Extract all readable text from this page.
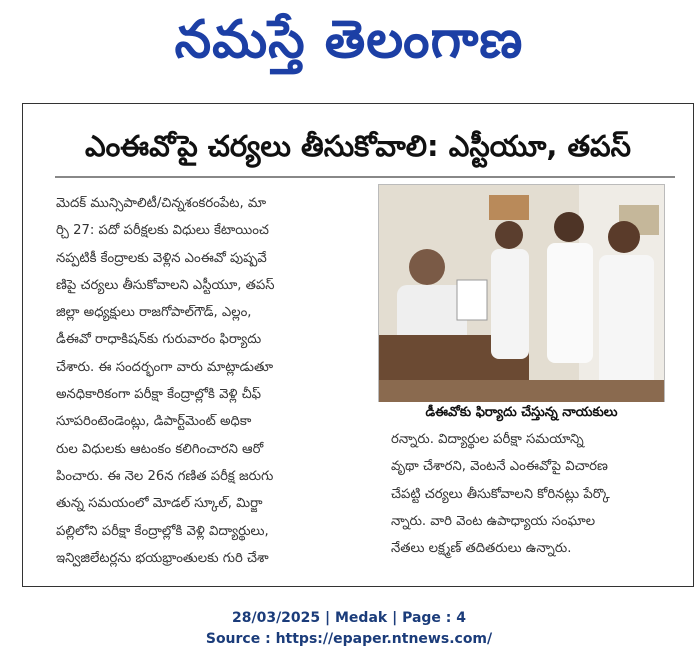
నమస్తే తెలంగాణ
ఎంఈవోపై చర్యలు తీసుకోవాలి: ఎస్టీయూ, తపస్
మెదక్ మున్సిపాలిటీ/చిన్నశంకరంపేట, మా
ర్చి 27: పదో పరీక్షలకు విధులు కేటాయించ
నప్పటికీ కేంద్రాలకు వెళ్లిన ఎంఈవో పుష్పవే
ణిపై చర్యలు తీసుకోవాలని ఎస్టీయూ, తపస్
జిల్లా అధ్యక్షులు రాజగోపాల్‌గౌడ్, ఎల్లం,
డీఈవో రాధాకిషన్‌కు గురువారం ఫిర్యాదు
చేశారు. ఈ సందర్భంగా వారు మాట్లాడుతూ
అనధికారికంగా పరీక్షా కేంద్రాల్లోకి వెళ్లి చీఫ్
సూపరింటెండెంట్లు, డిపార్ట్‌మెంట్ అధికా
రుల విధులకు ఆటంకం కలిగించారని ఆరో
పించారు. ఈ నెల 26న గణిత పరీక్ష జరుగు
తున్న సమయంలో మోడల్ స్కూల్, మిర్జా
పల్లిలోని పరీక్షా కేంద్రాల్లోకి వెళ్లి విద్యార్థులు,
ఇన్విజిలేటర్లను భయభ్రాంతులకు గురి చేశా
డీఈవోకు ఫిర్యాదు చేస్తున్న నాయకులు
రన్నారు. విద్యార్థుల పరీక్షా సమయాన్ని
వృథా చేశారని, వెంటనే ఎంఈవోపై విచారణ
చేపట్టి చర్యలు తీసుకోవాలని కోరినట్లు పేర్కొ
న్నారు. వారి వెంట ఉపాధ్యాయ సంఘాల
నేతలు లక్ష్మణ్ తదితరులు ఉన్నారు.
28/03/2025 | Medak | Page : 4
Source : https://epaper.ntnews.com/
